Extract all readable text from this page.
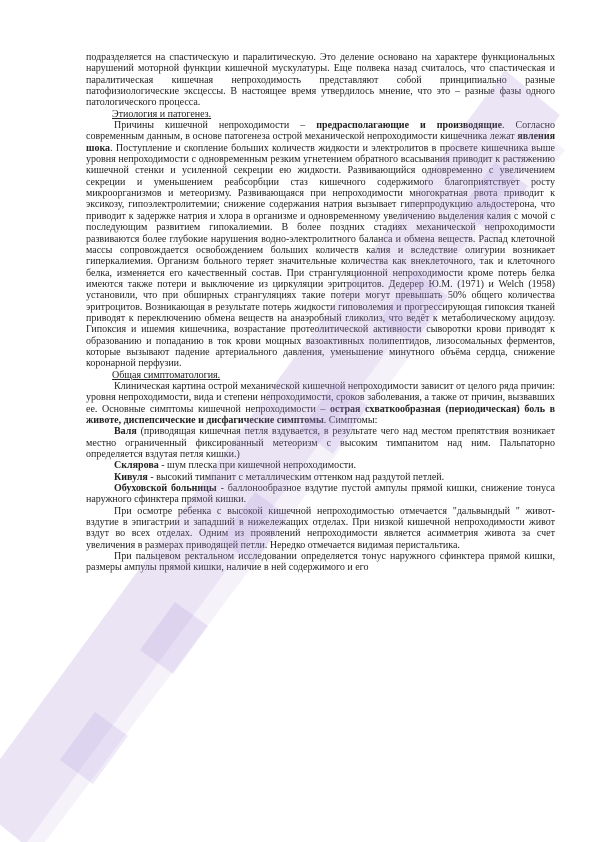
подразделяется на спастическую и паралитическую. Это деление основано на характере функциональных нарушений моторной функции кишечной мускулатуры. Еще полвека назад считалось, что спастическая и паралитическая кишечная непроходимость представляют собой принципиально разные патофизиологические экcцессы. В настоящее время утвердилось мнение, что это – разные фазы одного патологического процесса.

Этиология и патогенез.

Причины кишечной непроходимости – предрасполагающие и производящие. Согласно современным данным, в основе патогенеза острой механической непроходимости кишечника лежат явления шока. Поступление и скопление больших количеств жидкости и электролитов в просвете кишечника выше уровня непроходимости с одновременным резким угнетением обратного всасывания приводит к растяжению кишечной стенки и усиленной секреции ею жидкости. Развивающийся одновременно с увеличением секреции и уменьшением реабсорбции стаз кишечного содержимого благоприятствует росту микроорганизмов и метеоризму. Развивающаяся при непроходимости многократная рвота приводит к эксикозу, гипоэлектролитемии; снижение содержания натрия вызывает гиперпродукцию альдостерона, что приводит к задержке натрия и хлора в организме и одновременному увеличению выделения калия с мочой с последующим развитием гипокалиемии. В более поздних стадиях механической непроходимости развиваются более глубокие нарушения водно-электролитного баланса и обмена веществ. Распад клеточной массы сопровождается освобождением больших количеств калия и вследствие олигурии возникает гиперкалиемия. Организм больного теряет значительные количества как внеклеточного, так и клеточного белка, изменяется его качественный состав. При странгуляционной непроходимости кроме потерь белка имеются также потери и выключение из циркуляции эритроцитов. Дедерер Ю.М. (1971) и Welch (1958) установили, что при обширных странгуляциях такие потери могут превышать 50% общего количества эритроцитов. Возникающая в результате потерь жидкости гиповолемия и прогрессирующая гипоксия тканей приводят к переключению обмена веществ на анаэробный гликолиз, что ведёт к метаболическому ацидозу. Гипоксия и ишемия кишечника, возрастание протеолитической активности сыворотки крови приводят к образованию и попаданию в ток крови мощных вазоактивных полипептидов, лизосомальных ферментов, которые вызывают падение артериального давления, уменьшение минутного объёма сердца, снижение коронарной перфузии.

Общая симптоматология.

Клиническая картина острой механической кишечной непроходимости зависит от целого ряда причин: уровня непроходимости, вида и степени непроходимости, сроков заболевания, а также от причин, вызвавших ее. Основные симптомы кишечной непроходимости – острая схваткообразная (периодическая) боль в животе, диспепсические и дисфагические симптомы. Симптомы:

Валя (приводящая кишечная петля вздувается, в результате чего над местом препятствия возникает местно ограниченный фиксированный метеоризм с высоким тимпанитом над ним. Пальпаторно определяется вздутая петля кишки.)

Склярова - шум плеска при кишечной непроходимости.

Кивуля - высокий тимпанит с металлическим оттенком над раздутой петлей.

Обуховской больницы - баллонообразное вздутие пустой ампулы прямой кишки, снижение тонуса наружного сфинктера прямой кишки.

При осмотре ребенка с высокой кишечной непроходимостью отмечается "дальвындый " живот-вздутие в эпигастрии и западший в нижележащих отделах. При низкой кишечной непроходимости живот вздут во всех отделах. Одним из проявлений непроходимости является асимметрия живота за счет увеличения в размерах приводящей петли. Нередко отмечается видимая перистальтика.

При пальцевом ректальном исследовании определяется тонус наружного сфинктера прямой кишки, размеры ампулы прямой кишки, наличие в ней содержимого и его
